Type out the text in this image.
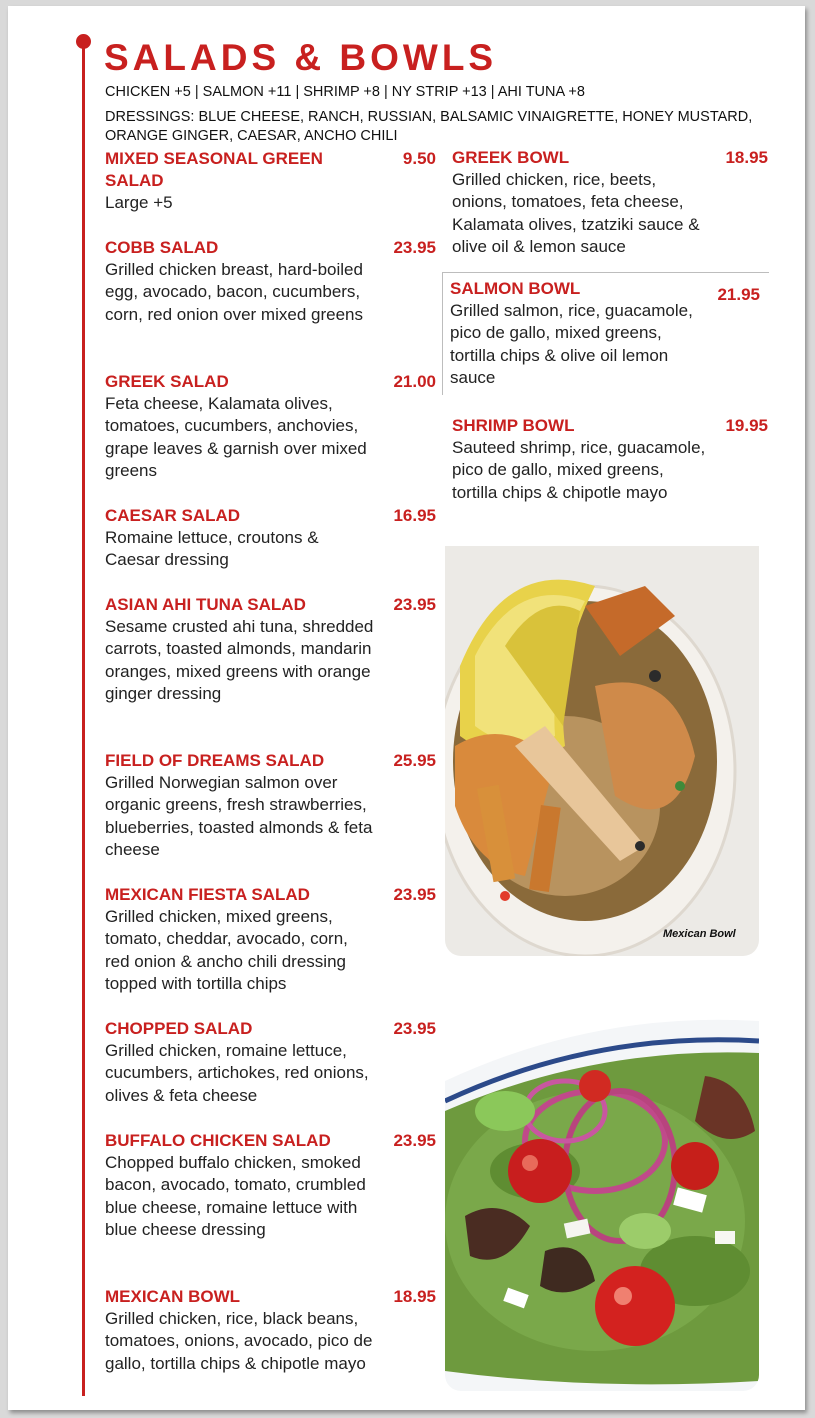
SALADS & BOWLS
CHICKEN +5 | SALMON +11 | SHRIMP +8 | NY STRIP +13 | AHI TUNA +8
DRESSINGS: BLUE CHEESE, RANCH, RUSSIAN, BALSAMIC VINAIGRETTE, HONEY MUSTARD, ORANGE GINGER, CAESAR, ANCHO CHILI
MIXED SEASONAL GREEN SALAD
9.50
Large +5
COBB SALAD	23.95
Grilled chicken breast, hard-boiled egg, avocado, bacon, cucumbers, corn, red onion over mixed greens
GREEK SALAD	21.00
Feta cheese, Kalamata olives, tomatoes, cucumbers, anchovies, grape leaves & garnish over mixed greens
CAESAR SALAD	16.95
Romaine lettuce, croutons & Caesar dressing
ASIAN AHI TUNA SALAD	23.95
Sesame crusted ahi tuna, shredded carrots, toasted almonds, mandarin oranges, mixed greens with orange ginger dressing
FIELD OF DREAMS SALAD	25.95
Grilled Norwegian salmon over organic greens, fresh strawberries, blueberries, toasted almonds & feta cheese
MEXICAN FIESTA SALAD	23.95
Grilled chicken, mixed greens, tomato, cheddar, avocado, corn, red onion & ancho chili dressing topped with tortilla chips
CHOPPED SALAD	23.95
Grilled chicken, romaine lettuce, cucumbers, artichokes, red onions, olives & feta cheese
BUFFALO CHICKEN SALAD	23.95
Chopped buffalo chicken, smoked bacon, avocado, tomato, crumbled blue cheese, romaine lettuce with blue cheese dressing
MEXICAN BOWL	18.95
Grilled chicken, rice, black beans, tomatoes, onions, avocado, pico de gallo, tortilla chips & chipotle mayo
GREEK BOWL	18.95
Grilled chicken, rice, beets, onions, tomatoes, feta cheese, Kalamata olives, tzatziki sauce & olive oil & lemon sauce
SALMON BOWL	21.95
Grilled salmon, rice, guacamole, pico de gallo, mixed greens, tortilla chips & olive oil lemon sauce
SHRIMP BOWL	19.95
Sauteed shrimp, rice, guacamole, pico de gallo, mixed greens, tortilla chips & chipotle mayo
Mexican Bowl
